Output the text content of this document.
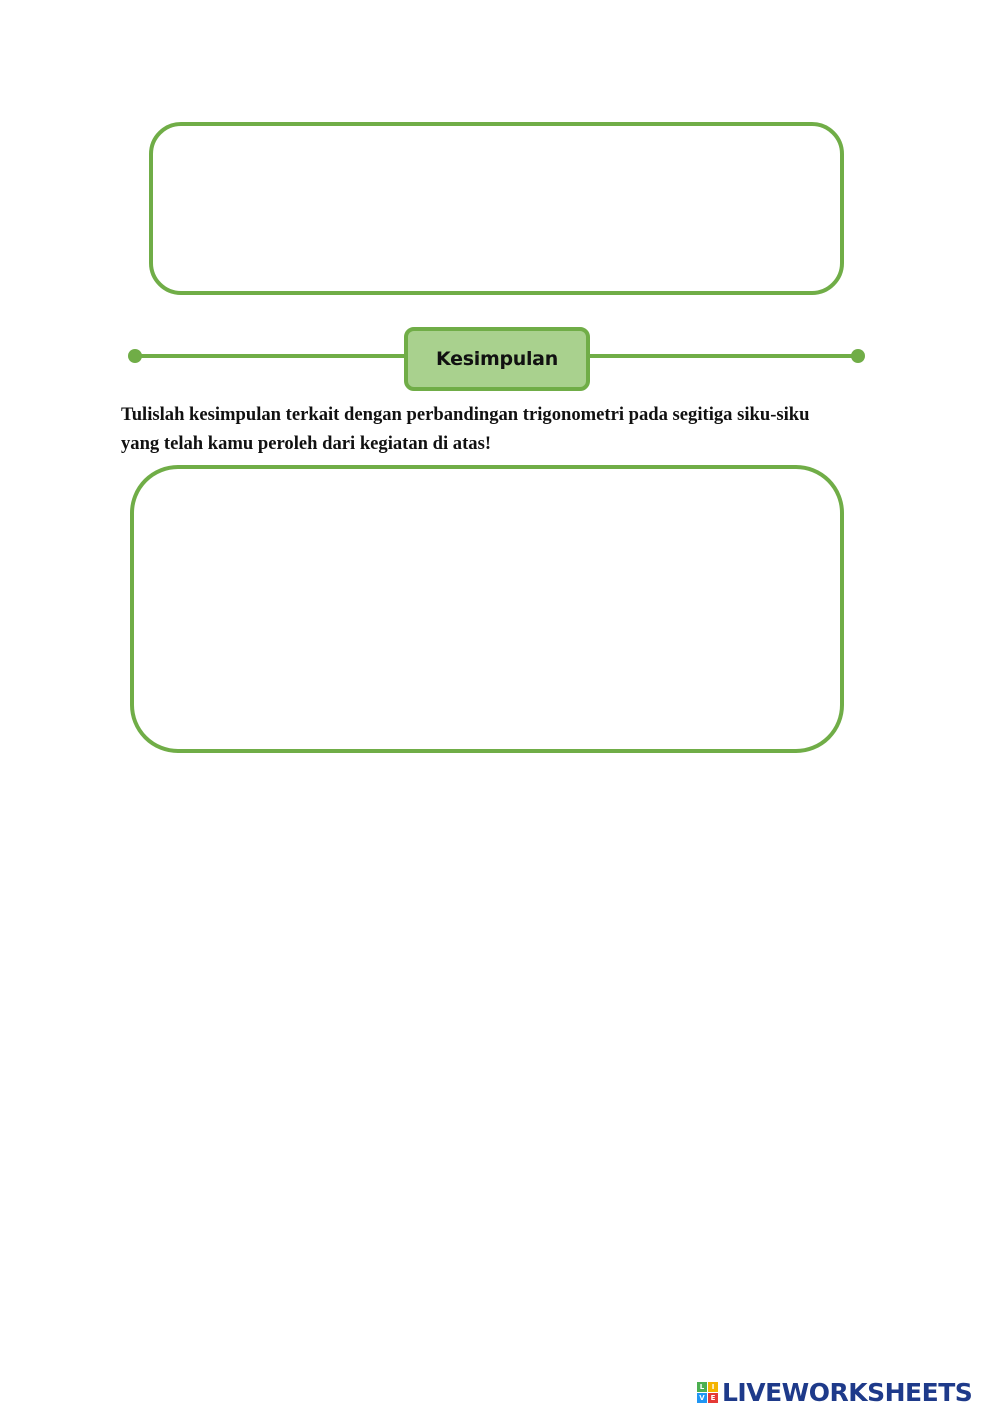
Kesimpulan

Tulislah kesimpulan terkait dengan perbandingan trigonometri pada segitiga siku-siku
yang telah kamu peroleh dari kegiatan di atas!

L	I
V E LIVEWORKSHEETS
